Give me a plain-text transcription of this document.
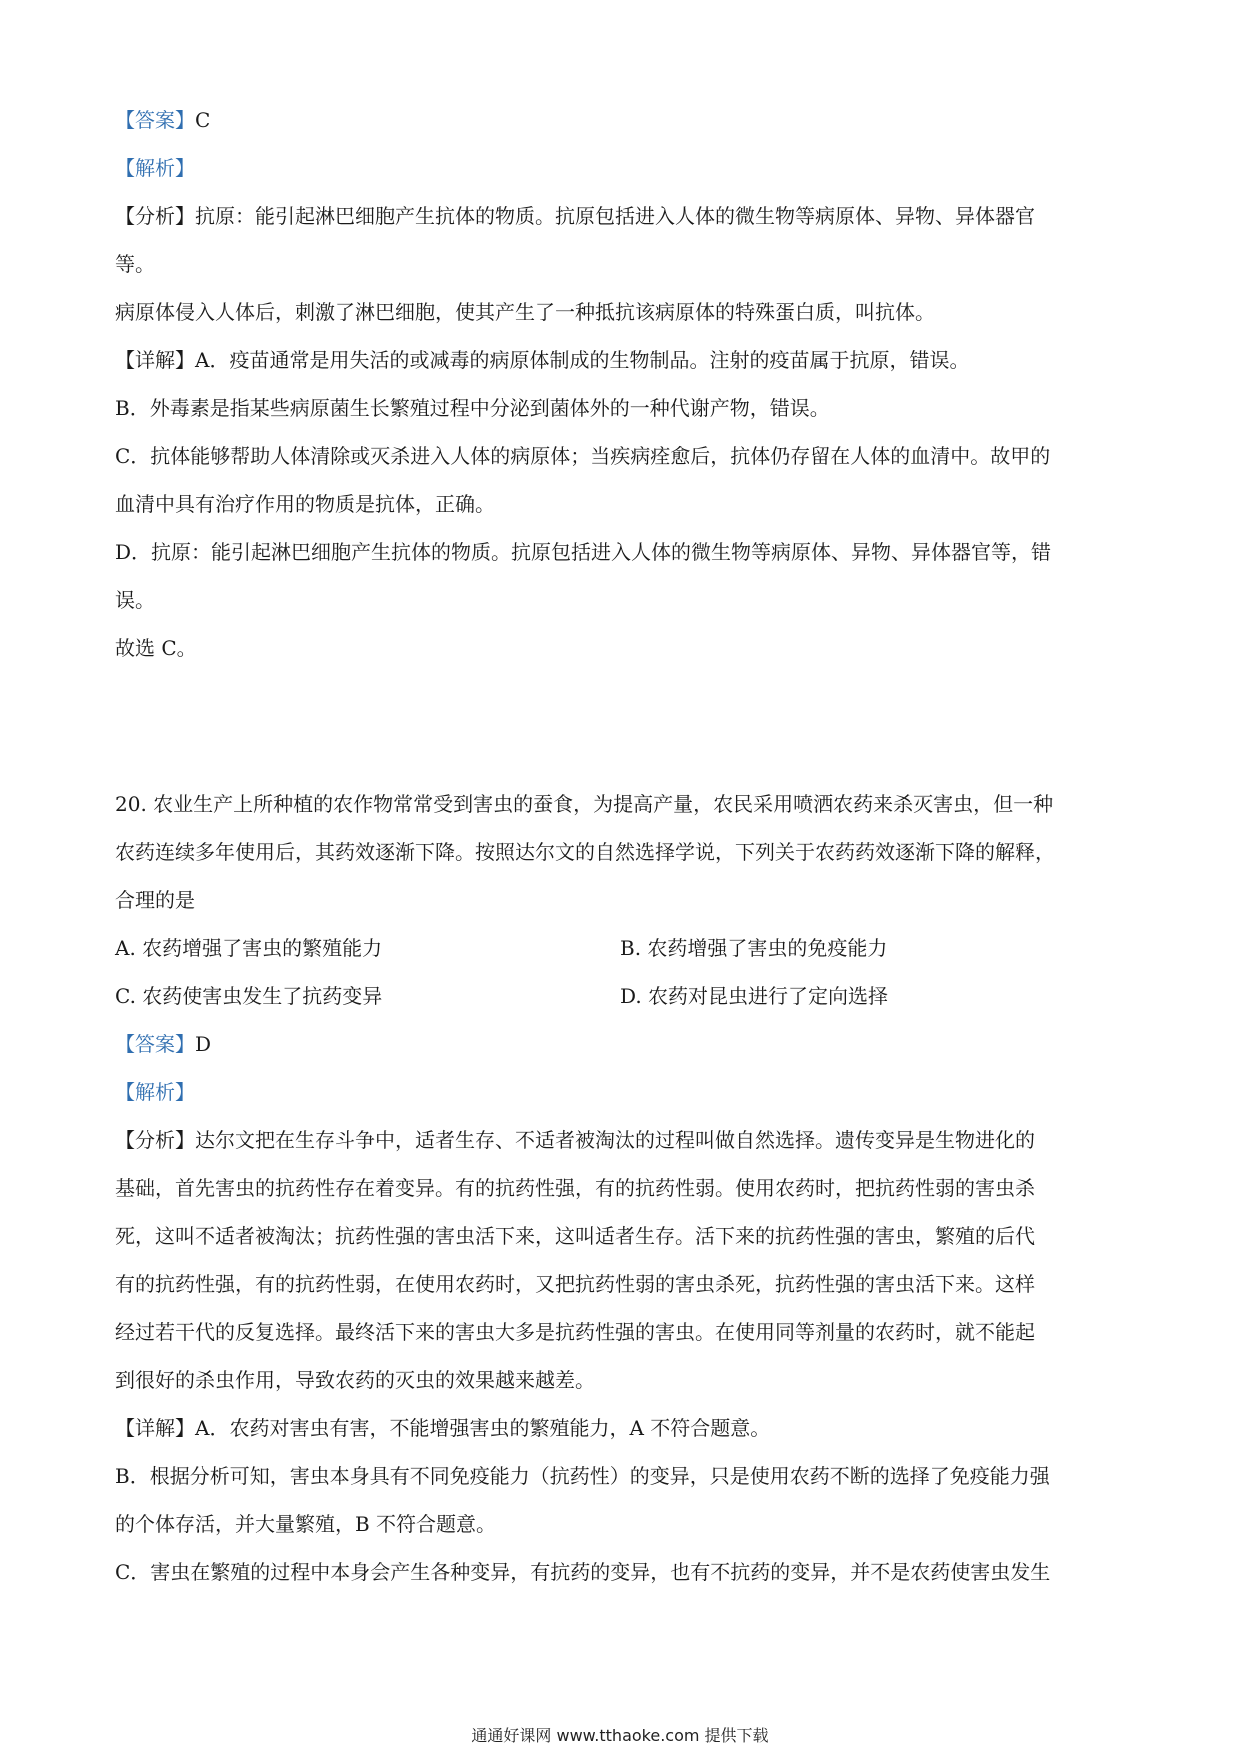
【答案】C
【解析】
【分析】抗原：能引起淋巴细胞产生抗体的物质。抗原包括进入人体的微生物等病原体、异物、异体器官
等。
病原体侵入人体后，刺激了淋巴细胞，使其产生了一种抵抗该病原体的特殊蛋白质，叫抗体。
【详解】A．疫苗通常是用失活的或减毒的病原体制成的生物制品。注射的疫苗属于抗原，错误。
B．外毒素是指某些病原菌生长繁殖过程中分泌到菌体外的一种代谢产物，错误。
C．抗体能够帮助人体清除或灭杀进入人体的病原体；当疾病痊愈后，抗体仍存留在人体的血清中。故甲的
血清中具有治疗作用的物质是抗体，正确。
D．抗原：能引起淋巴细胞产生抗体的物质。抗原包括进入人体的微生物等病原体、异物、异体器官等，错
误。
故选 C。
20. 农业生产上所种植的农作物常常受到害虫的蚕食，为提高产量，农民采用喷洒农药来杀灭害虫，但一种
农药连续多年使用后，其药效逐渐下降。按照达尔文的自然选择学说，下列关于农药药效逐渐下降的解释，
合理的是
A. 农药增强了害虫的繁殖能力	B. 农药增强了害虫的免疫能力
C. 农药使害虫发生了抗药变异	D. 农药对昆虫进行了定向选择
【答案】D
【解析】
【分析】达尔文把在生存斗争中，适者生存、不适者被淘汰的过程叫做自然选择。遗传变异是生物进化的
基础，首先害虫的抗药性存在着变异。有的抗药性强，有的抗药性弱。使用农药时，把抗药性弱的害虫杀
死，这叫不适者被淘汰；抗药性强的害虫活下来，这叫适者生存。活下来的抗药性强的害虫，繁殖的后代
有的抗药性强，有的抗药性弱，在使用农药时，又把抗药性弱的害虫杀死，抗药性强的害虫活下来。这样
经过若干代的反复选择。最终活下来的害虫大多是抗药性强的害虫。在使用同等剂量的农药时，就不能起
到很好的杀虫作用，导致农药的灭虫的效果越来越差。
【详解】A．农药对害虫有害，不能增强害虫的繁殖能力，A 不符合题意。
B．根据分析可知，害虫本身具有不同免疫能力（抗药性）的变异，只是使用农药不断的选择了免疫能力强
的个体存活，并大量繁殖，B 不符合题意。
C．害虫在繁殖的过程中本身会产生各种变异，有抗药的变异，也有不抗药的变异，并不是农药使害虫发生
通通好课网 www.tthaoke.com 提供下载
